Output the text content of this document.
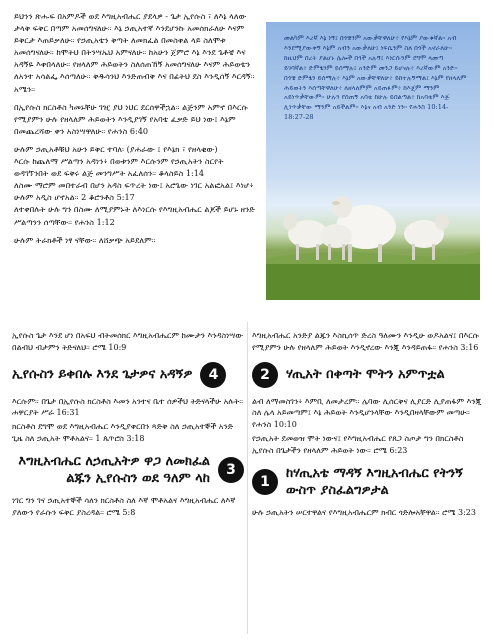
ይህንን ጽሑፍ በአምዶች ወደ እግዚአብሔር ያደላዎ - ጌታ ኢየሱስ ፣ ለእኔ ላለው ታላቅ ፍቅር በጣም አመሰግናለሁ። እኔ ኃጢአተኛ እንደሆንኩ አመሰክራለሁ እናም ይቅርታ እጠይቃለሁ። የኃጢአቴን ቅጣት ለመክፈል በመስቀል ላይ ስለሞቱ አመሰግናለሁ። ከሞትህ በትንሣኤህ አምናለሁ። ከአሁን ጀምሮ እኔ እንደ ጌቶቼ እና አዳኝዬ እቀበላለሁ። የዘላለም ሕይወትን ስለሰጠኸኝ አመሰግናለሁ እናም ሕይወቴን ለአንተ አሳልፌ እሰጣለሁ። ቅዱሳንህ እንድጠብቅ እና በፊትህ ደስ እንዲሰኝ እርዳኝ። አሜን።

በኢየሱስ ክርስቶስ ካመኑቸሁ ገዢ ያህ ነህር ደርሰዋችኋል። ልጅንም አምኖ በእርሱ የሚያምን ሁሉ የዘላለም ሕይወትን እንዲያገኝ የአባቴ ፈቃድ ይህ ነው፤ እኔም በመጨረሻው ቀን አስነሣዋለሁ። የሐንስ 6:40

ሁሉም ኃጢአቶቹህ አሁን ይቅር ተባለ፡ (ያሐራው ፤ የእኔክ ፣ የዘላቂው)

እርሱ ከጨለማ ሥልጣን አዳነን፥ በወቱንም እርሱንም የኃጢአትን ስርየት ወዳገኘንበት ወደ ፍቅሩ ልጅ መንግሥት አፈለሰን። ቆላስይስ 1:14

ለስሙ ማሮም መበተራብ በሆን አዳስ ፍጥረት ነው፤ አሮጌው ነገር አልፎአል፤ እነሆ፥ ሁሉም አዲስ ሆኖአል። 2 ቆሮንቶስ 5:17

ለተቀበሉት ሁሉ ግን በስሙ ለሚያምኑት ለእነርሱ የእግዚአብሔር ልጆች ይሆኑ ዘንድ ሥልጣንን ሰጣቸው። የሐንስ 1:12

ሁሉም ትራክቶች ነፃ ናቸው። ለሸቃጭ አይደለም።

መልካም እረኛ እኔ ነኝ፤ በጎቼንም አውቃቸዋለሁ፥ የእኔም ያውቁኛል። አብ እንደሚያውቀኝ እኔም አብን አውቃለሁ፤ ነፍሴንም ስለ በጎች አኖራለሁ። ከዚህም በረት ያልሆኑ ሌሎች በጎች አሉኝ፤ እነርሱንም ደግሞ ላመጣ ይገባኛል፥ ድምፄንም ይሰማሉ፤ አንድም መንጋ ይሆናሉ፥ እረኛውም አንድ። በጎቼ ድምፄን ይሰማሉ፥ እኔም አውቃቸዋለሁ፥ ይከተሉኝማል፤ እኔም የዘላለም ሕይወትን እሰጣቸዋለሁ፥ ለዘላለምም አይጠፉም፥ ከእጄም ማንም አይነጥቃቸውም። ሁሉን የሰጠኝ አባቴ ከሁሉ ይበልጣል፥ ከአባቴም እጅ ሊነጥቃቸው ማንም አይችልም። እኔና አብ አንድ ነን። የሐንስ 10:14-18:27-28

ኢየሱስ ጌታ እንደ ሆነ በአፍህ ብትመሰክር እግዚአብሔርም ከሙታን እንዳስነሣው በልብህ ብታምን ትድናለህ። ሮሜ 10:9

ኢየሱስን ይቀበሉ እንደ ጌታዎና አዳኝዎ	4

እርሱም። በጌታ በኢየሱስ ክርስቶስ እመን አንተና ቤተ ሰዎችህ ትድናላችሁ አሉት። ሐዋርያት ሥራ 16:31

ክርስቶስ ደግሞ ወደ እግዚአብሔር እንዲያቀርበን ጻድቅ ስለ ኃጢአተኞች አንድ ጊዜ ስለ ኃጢአት ሞቶአልና። 1 ጴጥሮስ 3:18

እግዚአብሔር ለኃጢአትዎ ዋጋ ለመክፈል ልጁን ኢየሱስን ወደ ዓለም ላከ
3

ነገር ግን ገና ኃጢአተኞች ሳለን ክርስቶስ ስለ እኛ ሞቶአልና እግዚአብሔር ለእኛ ያለውን የራሱን ፍቅር ያስረዳል። ሮሜ 5:8

እግዚአብሔር አንድያ ልጁን እስኪሰጥ ድረስ ዓለሙን እንዲሁ ወዶአልና፤ በእርሱ የሚያምን ሁሉ የዘላለም ሕይወት እንዲኖረው እንጂ እንዳይጠፋ። የሐንስ 3:16

2	ሃጢአት በቀጣት ሞትን አምጥቷል

ልብ ለማመስገን፥ እምቢ ለመታረም። ሌባው ሊሰርቅና ሊያርድ ሊያጠፋም እንጂ ስለ ሌላ አይመጣም፤ እኔ ሕይወት እንዲሆንላቸው እንዲበዛላቸውም መጣሁ። የሐንስ 10:10

የኃጢአት ደመወዝ ሞት ነውና፤ የእግዚአብሔር የጸጋ ስጦታ ግን በክርስቶስ ኢየሱስ በጌታችን የዘላለም ሕይወት ነው። ሮሜ 6:23

1
ከሃጢአቴ ማዳኝ እግዚአብሔር የትንኝ ውስጥ ያስፈልግዎታል

ሁሉ ኃጢአትን ሠርተዋልና የእግዚአብሔርም ክብር ጎድሎአቸዋል። ሮሜ 3:23
